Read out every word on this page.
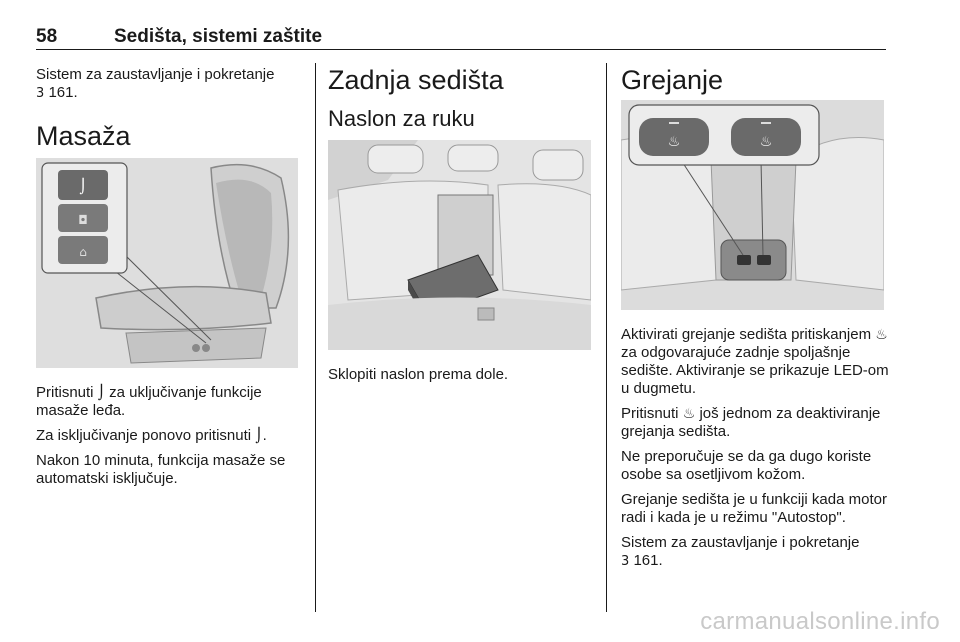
58	Sedišta, sistemi zaštite

Sistem za zaustavljanje i pokretanje
3 161.

Masaža
⌡
◘
⌂

Pritisnuti ⌡ za uključivanje funkcije masaže leđa.

Za isključivanje ponovo pritisnuti ⌡.

Nakon 10 minuta, funkcija masaže se automatski isključuje.

Zadnja sedišta
Naslon za ruku
Sklopiti naslon prema dole.
Grejanje
♨	♨

Aktivirati grejanje sedišta pritiskanjem ♨ za odgovarajuće zadnje spoljašnje sedište. Aktiviranje se prikazuje LED-om u dugmetu.

Pritisnuti ♨ još jednom za deaktiviranje grejanja sedišta.

Ne preporučuje se da ga dugo koriste osobe sa osetljivom kožom.

Grejanje sedišta je u funkciji kada motor radi i kada je u režimu "Autostop".

Sistem za zaustavljanje i pokretanje
3 161.

carmanualsonline.info
